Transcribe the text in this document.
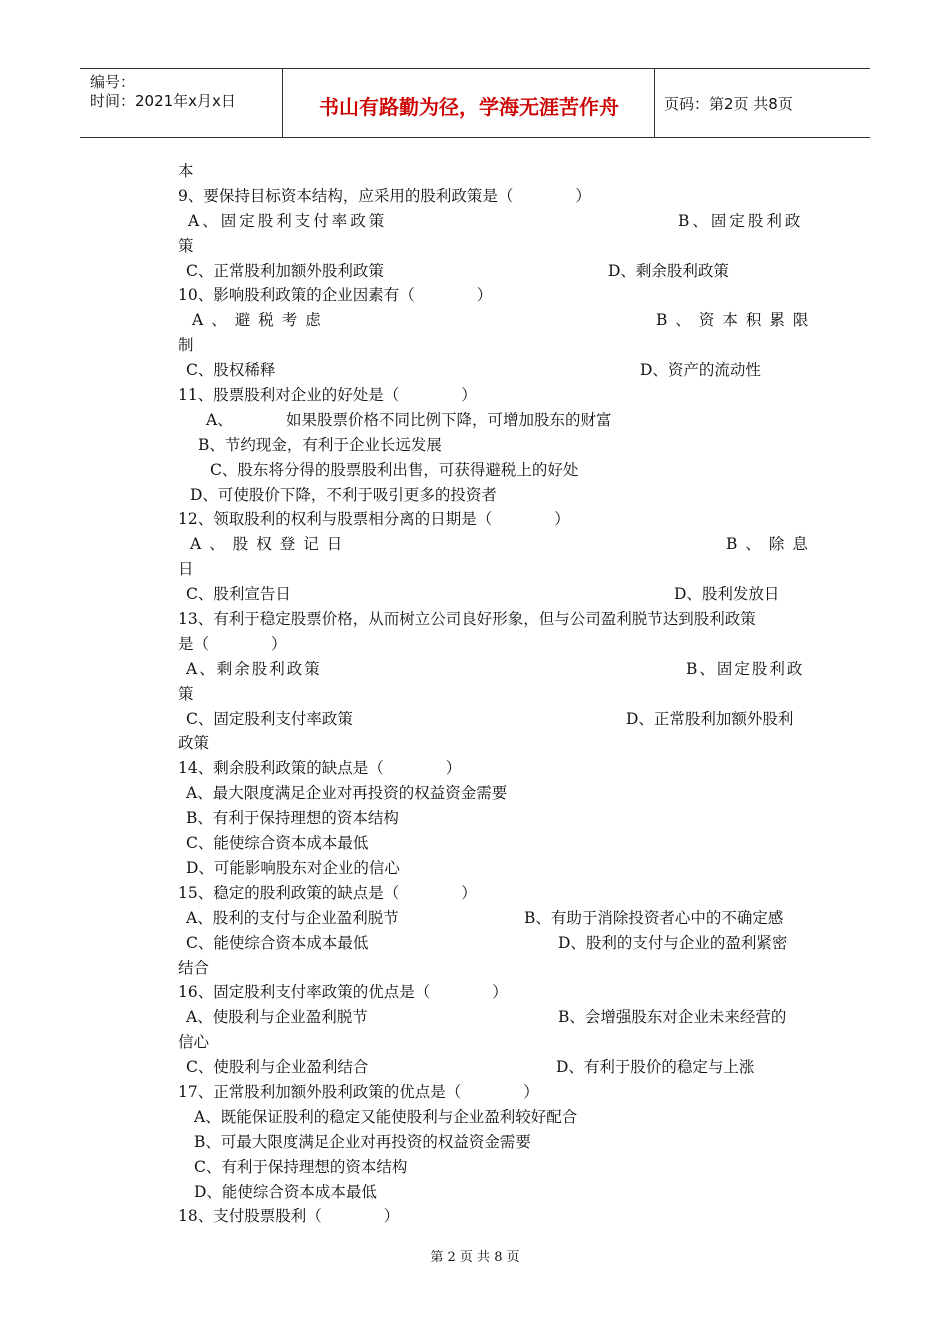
编号：
时间：2021年x月x日	书山有路勤为径，学海无涯苦作舟	页码：第2页 共8页
本
9、要保持目标资本结构，应采用的股利政策是（　　　　）
A、固定股利支付率政策	B、固定股利政
策
C、正常股利加额外股利政策	D、剩余股利政策
10、影响股利政策的企业因素有（　　　　）
A、避税考虑	B、资本积累限
制
C、股权稀释	D、资产的流动性
11、股票股利对企业的好处是（　　　　）
A、	如果股票价格不同比例下降，可增加股东的财富
B、节约现金，有利于企业长远发展
C、股东将分得的股票股利出售，可获得避税上的好处
D、可使股价下降，不利于吸引更多的投资者
12、领取股利的权利与股票相分离的日期是（　　　　）
A、股权登记日	B、除息
日
C、股利宣告日	D、股利发放日
13、有利于稳定股票价格，从而树立公司良好形象，但与公司盈利脱节达到股利政策
是（　　　　）
A、剩余股利政策	B、固定股利政
策
C、固定股利支付率政策	D、正常股利加额外股利
政策
14、剩余股利政策的缺点是（　　　　）
A、最大限度满足企业对再投资的权益资金需要
B、有利于保持理想的资本结构
C、能使综合资本成本最低
D、可能影响股东对企业的信心
15、稳定的股利政策的缺点是（　　　　）
A、股利的支付与企业盈利脱节	B、有助于消除投资者心中的不确定感
C、能使综合资本成本最低	D、股利的支付与企业的盈利紧密
结合
16、固定股利支付率政策的优点是（　　　　）
A、使股利与企业盈利脱节	B、会增强股东对企业未来经营的
信心
C、使股利与企业盈利结合	D、有利于股价的稳定与上涨
17、正常股利加额外股利政策的优点是（　　　　）
A、既能保证股利的稳定又能使股利与企业盈利较好配合
B、可最大限度满足企业对再投资的权益资金需要
C、有利于保持理想的资本结构
D、能使综合资本成本最低
18、支付股票股利（　　　　）
第 2 页 共 8 页
